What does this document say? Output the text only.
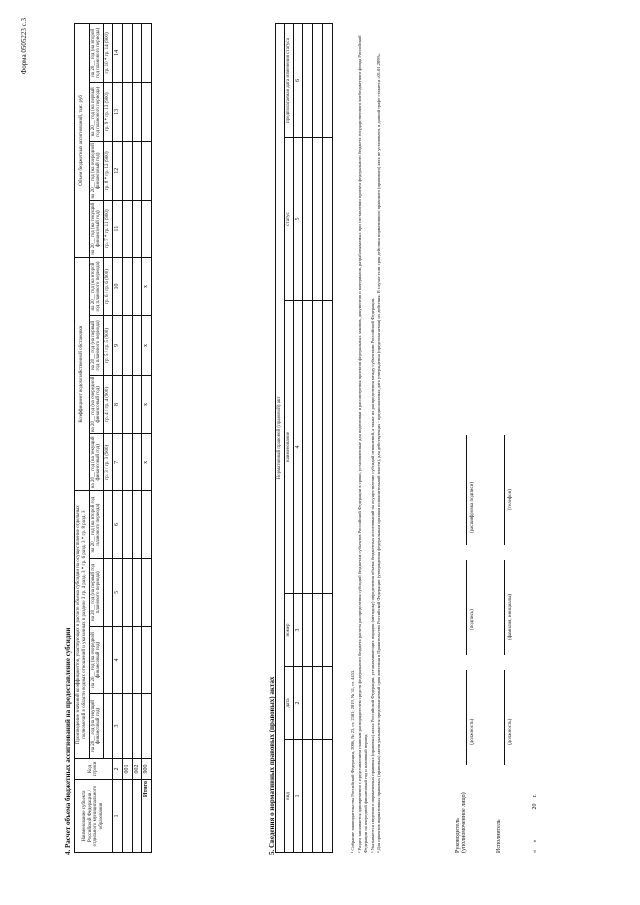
Форма 0505223 с.3
4. Расчет объема бюджетных ассигнований на предоставление субсидии Наименование субъекта Российской Федерации / отдельного муниципального образования	Код строки	Произведение значений коэффициентов, участвующих в расчете объема субсидии на осуществление отдельных полномочий в области водных отношений и указанных в разделе 3 гр. 4 разд. 3 * гр. 6 разд. 3 * гр. 8 разд. 3				Коэффициент водохозяйственной обстановки				Объем бюджетных ассигнований, тыс. руб			
		на 20__ год (на текущий финансовый год)	на 20__ год (на очередной финансовый год)	на 20__ год (на первый год планового периода)	на 20__ год (на второй год планового периода)	на 20__ год (на текущий финансовый год)	на 20__ год (на очередной финансовый год)	на 20__ год (на первый год планового периода)	на 20__ год (на второй год планового периода)	на 20__ год (на текущий финансовый год)	на 20__ год (на очередной финансовый год)	на 20__ год (на первый год планового периода)	на 20__ год (на второй год планового периода)
						гр. 3 / гр. 3 (900)	гр. 4 / гр. 4 (900)	гр. 5 / гр. 5 (900)	гр. 6 / гр. 6 (900)	гр. 7 * гр. 11 (900)	гр. 8 * гр. 12 (900)	гр. 9 * гр. 13 (900)	гр. 10 * гр. 14 (900)
1	2	3	4	5	6	7	8	9	10	11	12	13	14
	001												
	002												
Итого	900					x	x	x	x				
5. Сведения о нормативных правовых (правовых) актах
Нормативный правовой (правовой) акт					
вид	дата	номер	наименование	статус	предполагаемая дата изменения статуса
1	2	3	4	5	6

¹ Собрание законодательства Российской Федерации, 2006, № 23, ст. 2381; 2019, № 31, ст. 4453. ² Раздел заполняется одновременно с представлением главным распорядителем средств федерального бюджета расчета распределения субсидий бюджетам субъектов Российской Федерации в сроки, установленные для подготовки и рассмотрения проектов федеральных законов, документов и материалов, разрабатываемых при составлении проекта федерального бюджета государственного внебюджетного фонда Российской Федерации на очередной финансовый год и плановый период. ³ Указываются сведения о нормативных правовых (правовых) актах Российской Федерации, устанавливающих порядок (методику) определения объема бюджетных ассигнований на осуществление субсидий отношений, а также их распределения между субъектами Российской Федерации. ⁴ Для проектов нормативных правовых (правовых) актов указывается предполагаемый срок внесения в Правительство Российской Федерации (утверждения федеральным органом исполнительной власти), для действующих - предполагаемая дата утверждения (предполагаемая) их действия. В случае если срок действия нормативного правового (правового) акта не установлен, в данной графе ставится «01.01.2099».	Руководитель (уполномоченное лицо)
(должность)
(подпись)
(расшифровка подписи)
Исполнитель
(должность)
(фамилия, инициалы)
(телефон)
«     »                    20    г.
